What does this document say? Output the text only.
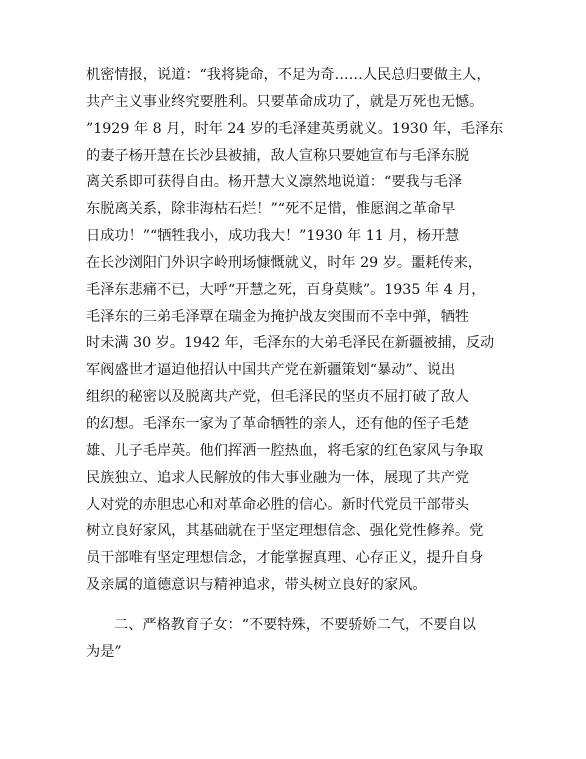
机密情报，说道：“我将毙命，不足为奇……人民总归要做主人，
共产主义事业终究要胜利。只要革命成功了，就是万死也无憾。
”1929 年 8 月，时年 24 岁的毛泽建英勇就义。1930 年，毛泽东
的妻子杨开慧在长沙县被捕，敌人宣称只要她宣布与毛泽东脱
离关系即可获得自由。杨开慧大义凛然地说道：“要我与毛泽
东脱离关系，除非海枯石烂！”“死不足惜，惟愿润之革命早
日成功！”“牺牲我小，成功我大！”1930 年 11 月，杨开慧
在长沙浏阳门外识字岭刑场慷慨就义，时年 29 岁。噩耗传来，
毛泽东悲痛不已，大呼“开慧之死，百身莫赎”。1935 年 4 月，
毛泽东的三弟毛泽覃在瑞金为掩护战友突围而不幸中弹，牺牲
时未满 30 岁。1942 年，毛泽东的大弟毛泽民在新疆被捕，反动
军阀盛世才逼迫他招认中国共产党在新疆策划“暴动”、说出
组织的秘密以及脱离共产党，但毛泽民的坚贞不屈打破了敌人
的幻想。毛泽东一家为了革命牺牲的亲人，还有他的侄子毛楚
雄、儿子毛岸英。他们挥洒一腔热血，将毛家的红色家风与争取
民族独立、追求人民解放的伟大事业融为一体，展现了共产党
人对党的赤胆忠心和对革命必胜的信心。新时代党员干部带头
树立良好家风，其基础就在于坚定理想信念、强化党性修养。党
员干部唯有坚定理想信念，才能掌握真理、心存正义，提升自身
及亲属的道德意识与精神追求，带头树立良好的家风。
二、严格教育子女：“不要特殊，不要骄娇二气，不要自以
为是”
